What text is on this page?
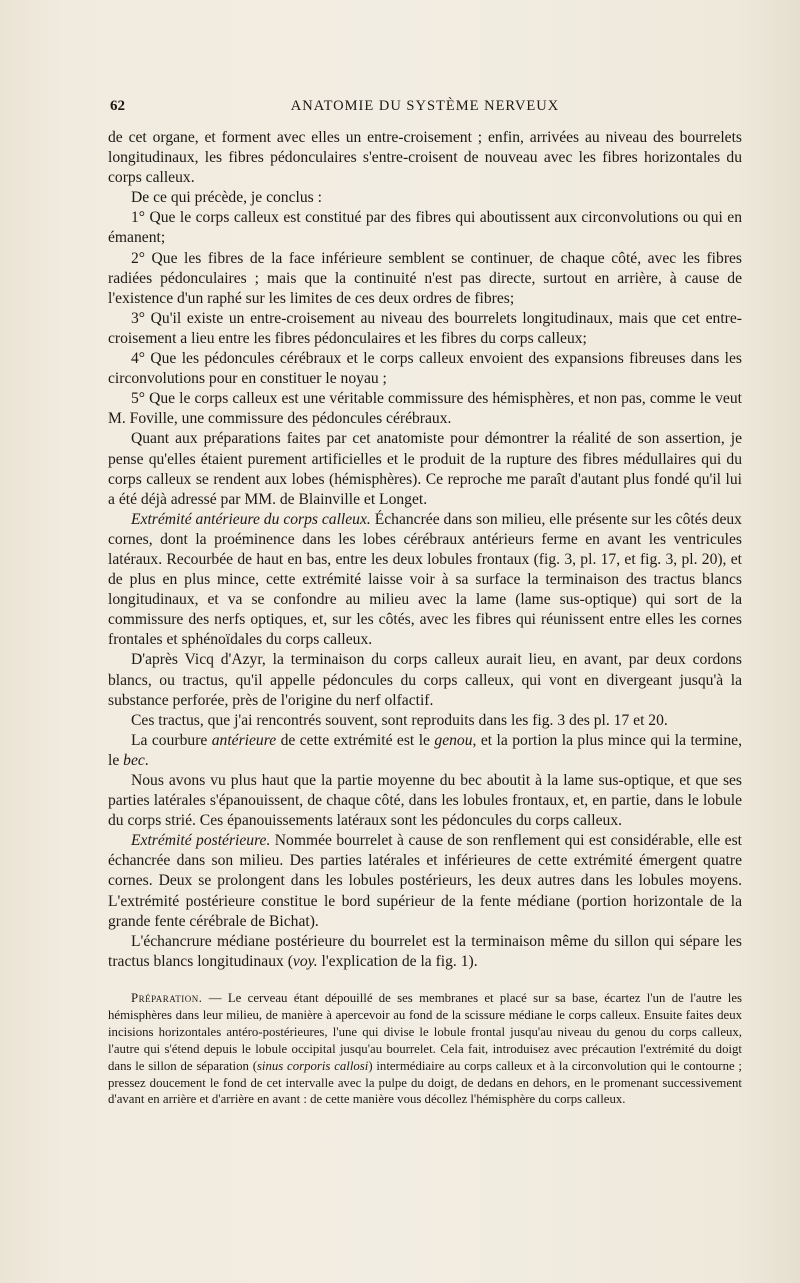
62	ANATOMIE DU SYSTÈME NERVEUX

de cet organe, et forment avec elles un entre-croisement ; enfin, arrivées au niveau des bourrelets longitudinaux, les fibres pédonculaires s'entre-croisent de nouveau avec les fibres horizontales du corps calleux.

De ce qui précède, je conclus :

1° Que le corps calleux est constitué par des fibres qui aboutissent aux circonvolutions ou qui en émanent;

2° Que les fibres de la face inférieure semblent se continuer, de chaque côté, avec les fibres radiées pédonculaires ; mais que la continuité n'est pas directe, surtout en arrière, à cause de l'existence d'un raphé sur les limites de ces deux ordres de fibres;

3° Qu'il existe un entre-croisement au niveau des bourrelets longitudinaux, mais que cet entre-croisement a lieu entre les fibres pédonculaires et les fibres du corps calleux;

4° Que les pédoncules cérébraux et le corps calleux envoient des expansions fibreuses dans les circonvolutions pour en constituer le noyau ;

5° Que le corps calleux est une véritable commissure des hémisphères, et non pas, comme le veut M. Foville, une commissure des pédoncules cérébraux.

Quant aux préparations faites par cet anatomiste pour démontrer la réalité de son assertion, je pense qu'elles étaient purement artificielles et le produit de la rupture des fibres médullaires qui du corps calleux se rendent aux lobes (hémisphères). Ce reproche me paraît d'autant plus fondé qu'il lui a été déjà adressé par MM. de Blainville et Longet.

Extrémité antérieure du corps calleux. Échancrée dans son milieu, elle présente sur les côtés deux cornes, dont la proéminence dans les lobes cérébraux antérieurs ferme en avant les ventricules latéraux. Recourbée de haut en bas, entre les deux lobules frontaux (fig. 3, pl. 17, et fig. 3, pl. 20), et de plus en plus mince, cette extrémité laisse voir à sa surface la terminaison des tractus blancs longitudinaux, et va se confondre au milieu avec la lame (lame sus-optique) qui sort de la commissure des nerfs optiques, et, sur les côtés, avec les fibres qui réunissent entre elles les cornes frontales et sphénoïdales du corps calleux.

D'après Vicq d'Azyr, la terminaison du corps calleux aurait lieu, en avant, par deux cordons blancs, ou tractus, qu'il appelle pédoncules du corps calleux, qui vont en divergeant jusqu'à la substance perforée, près de l'origine du nerf olfactif.

Ces tractus, que j'ai rencontrés souvent, sont reproduits dans les fig. 3 des pl. 17 et 20.

La courbure antérieure de cette extrémité est le genou, et la portion la plus mince qui la termine, le bec.

Nous avons vu plus haut que la partie moyenne du bec aboutit à la lame sus-optique, et que ses parties latérales s'épanouissent, de chaque côté, dans les lobules frontaux, et, en partie, dans le lobule du corps strié. Ces épanouissements latéraux sont les pédoncules du corps calleux.

Extrémité postérieure. Nommée bourrelet à cause de son renflement qui est considérable, elle est échancrée dans son milieu. Des parties latérales et inférieures de cette extrémité émergent quatre cornes. Deux se prolongent dans les lobules postérieurs, les deux autres dans les lobules moyens. L'extrémité postérieure constitue le bord supérieur de la fente médiane (portion horizontale de la grande fente cérébrale de Bichat).

L'échancrure médiane postérieure du bourrelet est la terminaison même du sillon qui sépare les tractus blancs longitudinaux (voy. l'explication de la fig. 1).

Préparation. — Le cerveau étant dépouillé de ses membranes et placé sur sa base, écartez l'un de l'autre les hémisphères dans leur milieu, de manière à apercevoir au fond de la scissure médiane le corps calleux. Ensuite faites deux incisions horizontales antéro-postérieures, l'une qui divise le lobule frontal jusqu'au niveau du genou du corps calleux, l'autre qui s'étend depuis le lobule occipital jusqu'au bourrelet. Cela fait, introduisez avec précaution l'extrémité du doigt dans le sillon de séparation (sinus corporis callosi) intermédiaire au corps calleux et à la circonvolution qui le contourne ; pressez doucement le fond de cet intervalle avec la pulpe du doigt, de dedans en dehors, en le promenant successivement d'avant en arrière et d'arrière en avant : de cette manière vous décollez l'hémisphère du corps calleux.
